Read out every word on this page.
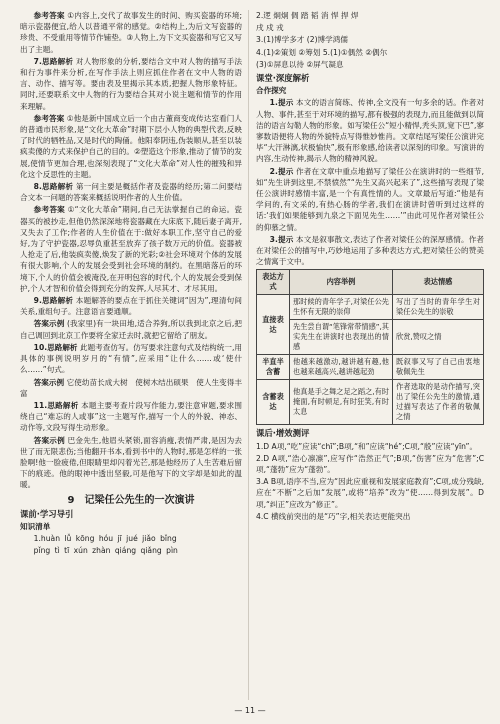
参考答案 ①内容上,交代了故事发生的时间、购买瓷器的环境;暗示瓷器便宜,给人以普通平常的感觉。②结构上,为后文写瓷器的珍贵、不受重用等情节作铺垫。③人物上,为下文买瓷器和写它又写出了主题。

7.思路解析 对人物形象的分析,要结合文中对人物的描写手法和行为事件来分析,在写作手法上则应抓住作者在文中人物的语言、动作、描写等。要由表及里揭示其本质,把握人物形象特征。同时,还要联系文中人物的行为要结合其对小说主题和情节的作用来理解。

参考答案 ①他是新中国成立后一个由古董商变成传达室看门人的普通市民形象,是“文化大革命”时期下层小人物的典型代表,反映了时代的牺牲品,又是时代的陶俑。他阳奉阴违,伪装顺从,甚至以装疯卖傻的方式来保护自己的目的。②塑造这个形象,推动了情节的发展,使情节更加合理,也深刻表现了“文化大革命”对人性的摧残和异化这个反思性的主题。

8.思路解析 第一问主要是概括作者及瓷器的经历;第二问要结合文本一问题的答案来概括说明作者的人生价值。

参考答案 ①“文化大革命”期间,自己无法掌握自己的命运。瓷器买的被抄走,但他仍然深深地将瓷器藏在大床底下,随后妻子离开,又失去了工作;作者的人生价值在于:做好本职工作,坚守自己的爱好,为了守护瓷器,忍辱负重甚至放弃了孩子数万元的价值。瓷器被人抢走了后,他装疯卖傻,焕发了新的光彩;②社会环境对个体的发展有很大影响,个人的发展会受到社会环境的制约。在黑暗落后的环境下,个人的价值会被淹没,在开明包容的时代,个人的发展会受到保护,个人才智和价值会得到充分的发挥,人尽其才、才尽其用。

9.思路解析 本题解答的要点在于抓住关键词“因为”,理清句间关系,重组句子。注意语言要通顺。

答案示例 (我家里)有一块田地,适合养狗,所以我到北京之后,把自己调回到北京工作要将全家迁去时,就把它留给了朋友。

10.思路解析 此题考查仿写。仿写要求注意句式及结构统一,用具体的事例说明岁月的“有情”,应采用“让什么……或‘使什么……”句式。

答案示例 它使幼苗长成大树　使树木结出硕果　使人生变得丰富

11.思路解析 本题主要考查片段写作能力,要注意审题,要求围绕自己“难忘的人或事”这一主题写作,描写一个人的外貌、神态、动作等,文段写得生动形象。

答案示例 巴金先生,他眉头紧锁,面容消瘦,表情严肃,是因为去世了而无限悲伤;当他翻开书本,看到书中的人物时,那是怎样的一张脸啊!他一脸疲倦,但眼睛里却闪着光芒,那是他经历了人生苦难后留下的痕迹。他的眼神中透出坚毅,可是他写下的文字却是如此的温暖。

9 记梁任公先生的一次演讲
课前·学习导引
知识清单

1.huàn lǚ kōng hóu jī jué jiǎo bǐng

pǐng tì tī xún zhàn qiáng qiǎng pìn

2.逻 炯炯 倜 踏 韬 消 悍 捍 焊

戌 戍 戎

3.(1)博学多才 (2)博学鸿儒

4.(1)②策划 ②筹划 5.(1)①偶然 ②偶尔

(3)①屏息以待 ②屏气凝息

课堂·深度解析
合作探究

1.提示 本文的语言简练、传神,全文没有一句多余的话。作者对人物、事件,甚至于对环境的描写,都有极强的表现力,而且能做到以简洁的语言勾勒人物的形象。如写梁任公“短小精悍,秃头顶,宽下巴”,寥寥数语便将人物的外貌特点写得惟妙惟肖。文章结尾写梁任公演讲完毕“大汗淋漓,状极愉快”,极有形象感,给读者以深刻的印象。写演讲的内容,生动传神,揭示人物的精神风貌。

2.提示 作者在文章中重点地描写了梁任公在演讲时的一些细节,如“先生讲到这里,不禁愤然”“先生又高兴起来了”,这些描写表现了梁任公演讲时感情丰富,是一个有真性情的人。文章最后写道:“他是有学问的,有文采的,有热心肠的学者,我们在演讲时曾听到过这样的话:‘我们如果能够到九泉之下面见先生……’”由此可见作者对梁任公的仰慕之情。

3.提示 本文是叙事散文,表达了作者对梁任公的深厚感情。作者在对梁任公的描写中,巧妙地运用了多种表达方式,把对梁任公的赞美之情寓于文中。

表达方式	内容举例	表达情感
直接表达	那时候的青年学子,对梁任公先生怀有无限的崇仰	写出了当时的青年学生对梁任公先生的崇敬
	先生尝自谓“笔锋常带情感”,其实先生在讲演时也表现出的情感	欣赏,赞叹之情
半直半含蓄	他越来越激动,越讲越有趣,他也越来越高兴,越讲越起劲	既叙事又写了自己由衷地敬佩先生
含蓄表达	他真是手之舞之足之蹈之,有时掩面,有时顿足,有时狂笑,有时太息	作者选取的是动作描写,突出了梁任公先生的激情,通过描写表达了作者的敬佩之情
课后·增效测评

1.D A项,“吃”应读“chī”;B项,“和”应读“hé”;C项,“殷”应读“yīn”。

2.D A项,“浩心凛凛”,应写作“浩然正气”;B项,“伤害”应为“危害”;C项,“蓬勃”应为“蓬勃”。

3.A B项,语序不当,应为“因此应重视和发展家庭教育”;C项,成分残缺,应在“不断”之后加“发展”,或将“培养”改为“使……得到发展”。D项,“纠正”应改为“修正”。

4.C 横线前突出的是“巧”字,相关表达更能突出

— 11 —
